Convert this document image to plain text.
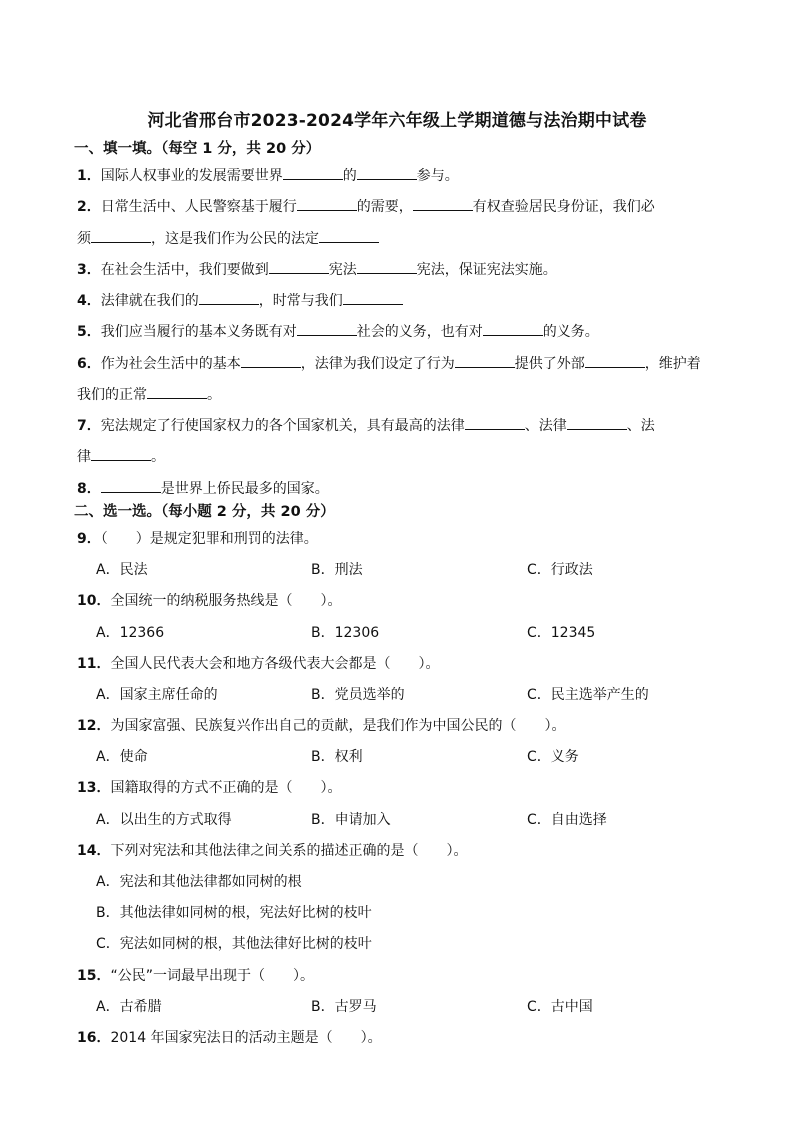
河北省邢台市2023-2024学年六年级上学期道德与法治期中试卷
一、填一填。（每空 1 分，共 20 分）
1．国际人权事业的发展需要世界	的	参与。
2．日常生活中、人民警察基于履行	的需要，	有权查验居民身份证，我们必
须	，这是我们作为公民的法定
3．在社会生活中，我们要做到	宪法	宪法，保证宪法实施。
4．法律就在我们的	，时常与我们
5．我们应当履行的基本义务既有对	社会的义务，也有对	的义务。
6．作为社会生活中的基本	，法律为我们设定了行为	提供了外部	，维护着
我们的正常	。
7．宪法规定了行使国家权力的各个国家机关，具有最高的法律	、法律	、法
律	。
8．	是世界上侨民最多的国家。
二、选一选。（每小题 2 分，共 20 分）
9．（　　）是规定犯罪和刑罚的法律。
A．民法	B．刑法	C．行政法
10．全国统一的纳税服务热线是（　　）。
A．12366	B．12306	C．12345
11．全国人民代表大会和地方各级代表大会都是（　　）。
A．国家主席任命的	B．党员选举的	C．民主选举产生的
12．为国家富强、民族复兴作出自己的贡献，是我们作为中国公民的（　　）。
A．使命	B．权利	C．义务
13．国籍取得的方式不正确的是（　　）。
A．以出生的方式取得	B．申请加入	C．自由选择
14．下列对宪法和其他法律之间关系的描述正确的是（　　）。
A．宪法和其他法律都如同树的根
B．其他法律如同树的根，宪法好比树的枝叶
C．宪法如同树的根，其他法律好比树的枝叶
15．“公民”一词最早出现于（　　）。
A．古希腊	B．古罗马	C．古中国
16．2014 年国家宪法日的活动主题是（　　）。
